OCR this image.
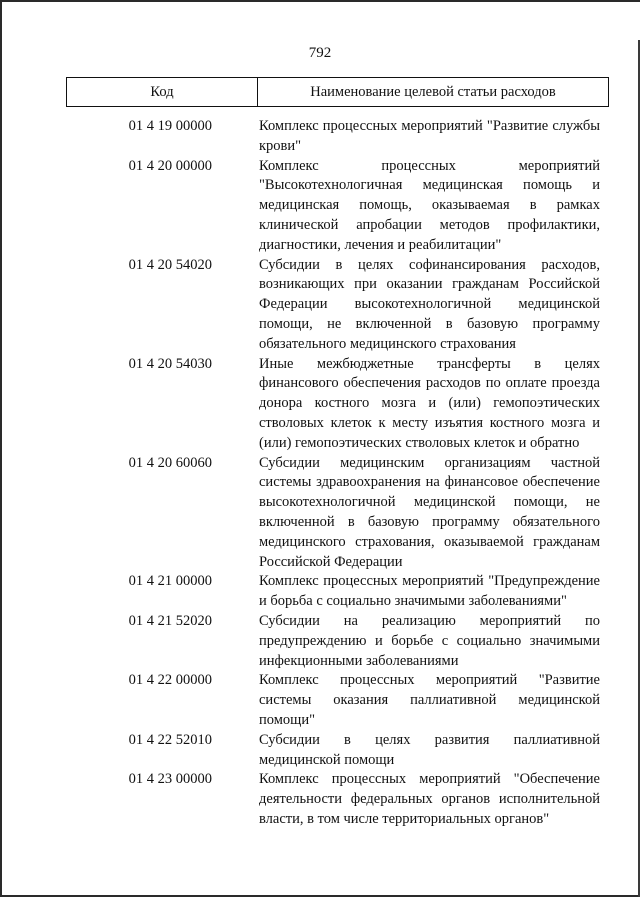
792
Код	Наименование целевой статьи расходов
01 4 19 00000	Комплекс процессных мероприятий "Развитие службы крови"
01 4 20 00000	Комплекс процессных мероприятий "Высокотехнологичная медицинская помощь и медицинская помощь, оказываемая в рамках клинической апробации методов профилактики, диагностики, лечения и реабилитации"
01 4 20 54020	Субсидии в целях софинансирования расходов, возникающих при оказании гражданам Российской Федерации высокотехнологичной медицинской помощи, не включенной в базовую программу обязательного медицинского страхования
01 4 20 54030	Иные межбюджетные трансферты в целях финансового обеспечения расходов по оплате проезда донора костного мозга и (или) гемопоэтических стволовых клеток к месту изъятия костного мозга и (или) гемопоэтических стволовых клеток и обратно
01 4 20 60060	Субсидии медицинским организациям частной системы здравоохранения на финансовое обеспечение высокотехнологичной медицинской помощи, не включенной в базовую программу обязательного медицинского страхования, оказываемой гражданам Российской Федерации
01 4 21 00000	Комплекс процессных мероприятий "Предупреждение и борьба с социально значимыми заболеваниями"
01 4 21 52020	Субсидии на реализацию мероприятий по предупреждению и борьбе с социально значимыми инфекционными заболеваниями
01 4 22 00000	Комплекс процессных мероприятий "Развитие системы оказания паллиативной медицинской помощи"
01 4 22 52010	Субсидии в целях развития паллиативной медицинской помощи
01 4 23 00000	Комплекс процессных мероприятий "Обеспечение деятельности федеральных органов исполнительной власти, в том числе территориальных органов"
